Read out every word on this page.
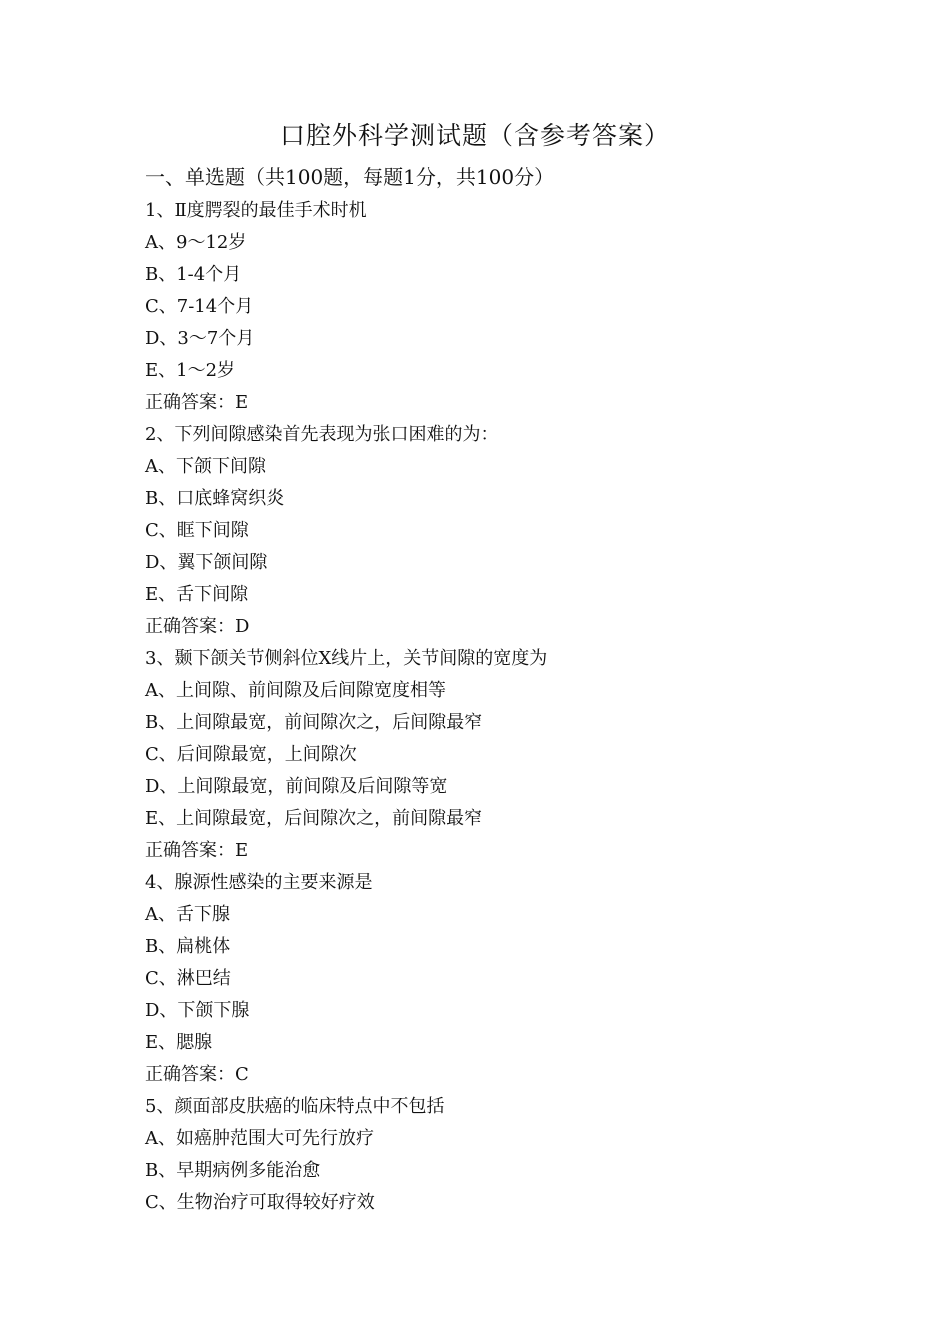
口腔外科学测试题（含参考答案）
一、单选题（共100题，每题1分，共100分）
1、Ⅱ度腭裂的最佳手术时机
A、9～12岁
B、1-4个月
C、7-14个月
D、3～7个月
E、1～2岁
正确答案：E
2、下列间隙感染首先表现为张口困难的为：
A、下颌下间隙
B、口底蜂窝织炎
C、眶下间隙
D、翼下颌间隙
E、舌下间隙
正确答案：D
3、颞下颌关节侧斜位X线片上，关节间隙的宽度为
A、上间隙、前间隙及后间隙宽度相等
B、上间隙最宽，前间隙次之，后间隙最窄
C、后间隙最宽，上间隙次
D、上间隙最宽，前间隙及后间隙等宽
E、上间隙最宽，后间隙次之，前间隙最窄
正确答案：E
4、腺源性感染的主要来源是
A、舌下腺
B、扁桃体
C、淋巴结
D、下颌下腺
E、腮腺
正确答案：C
5、颜面部皮肤癌的临床特点中不包括
A、如癌肿范围大可先行放疗
B、早期病例多能治愈
C、生物治疗可取得较好疗效
